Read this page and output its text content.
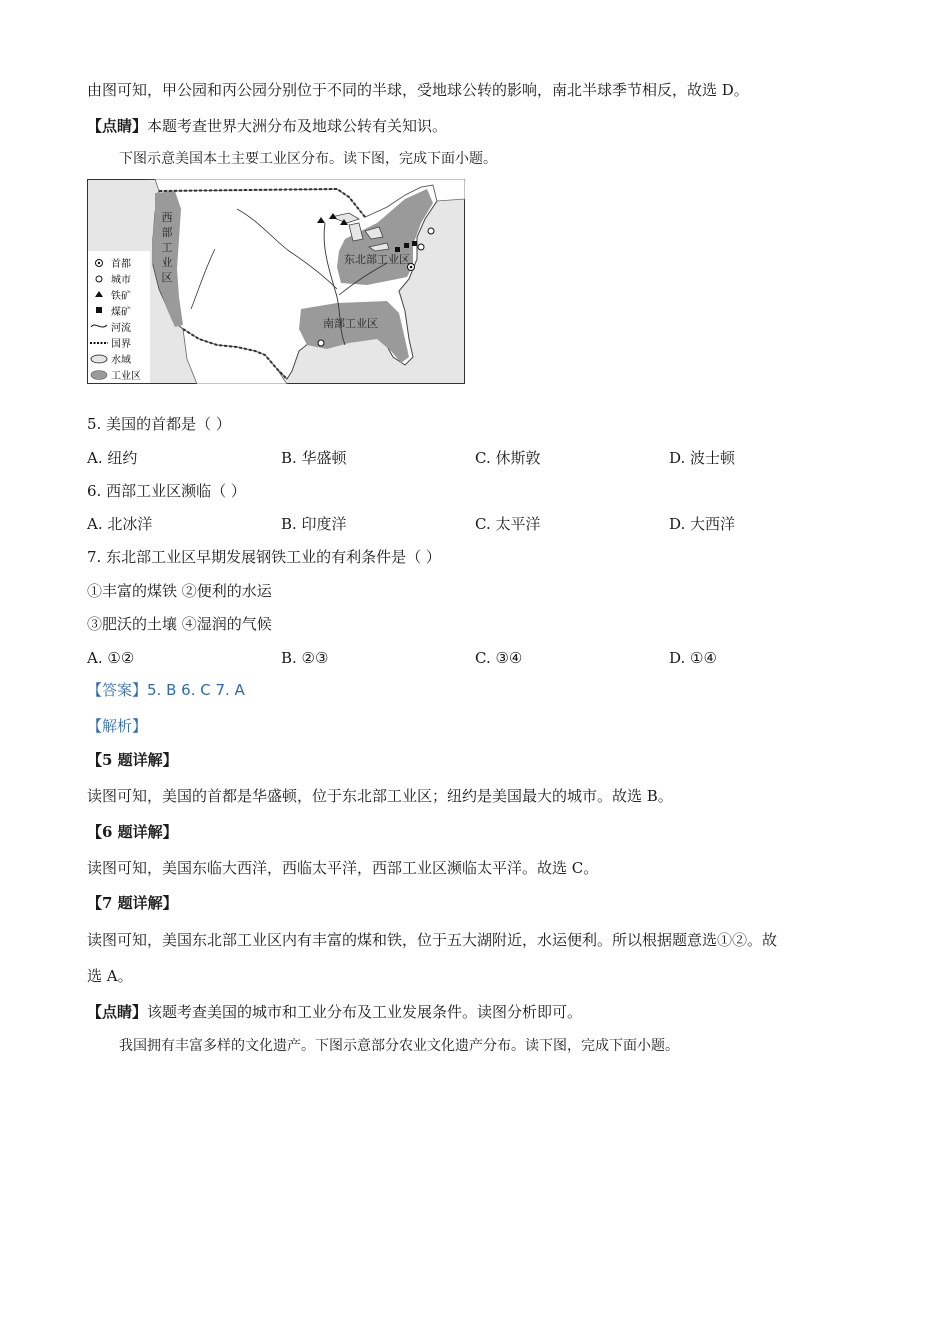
由图可知，甲公园和丙公园分别位于不同的半球，受地球公转的影响，南北半球季节相反，故选 D。
【点睛】本题考查世界大洲分布及地球公转有关知识。
下图示意美国本土主要工业区分布。读下图，完成下面小题。
西
部
工
业
区
东北部工业区
南部工业区
首都
城市
铁矿
煤矿
河流
国界
水域
工业区
5. 美国的首都是（ ）
A. 纽约	B. 华盛顿	C. 休斯敦	D. 波士顿
6. 西部工业区濒临（ ）
A. 北冰洋	B. 印度洋	C. 太平洋	D. 大西洋
7. 东北部工业区早期发展钢铁工业的有利条件是（ ）
①丰富的煤铁 ②便利的水运
③肥沃的土壤 ④湿润的气候
A. ①②	B. ②③	C. ③④	D. ①④
【答案】5. B 6. C 7. A
【解析】
【5 题详解】
读图可知，美国的首都是华盛顿，位于东北部工业区；纽约是美国最大的城市。故选 B。
【6 题详解】
读图可知，美国东临大西洋，西临太平洋，西部工业区濒临太平洋。故选 C。
【7 题详解】
读图可知，美国东北部工业区内有丰富的煤和铁，位于五大湖附近，水运便利。所以根据题意选①②。故
选 A。
【点睛】该题考查美国的城市和工业分布及工业发展条件。读图分析即可。
我国拥有丰富多样的文化遗产。下图示意部分农业文化遗产分布。读下图，完成下面小题。
